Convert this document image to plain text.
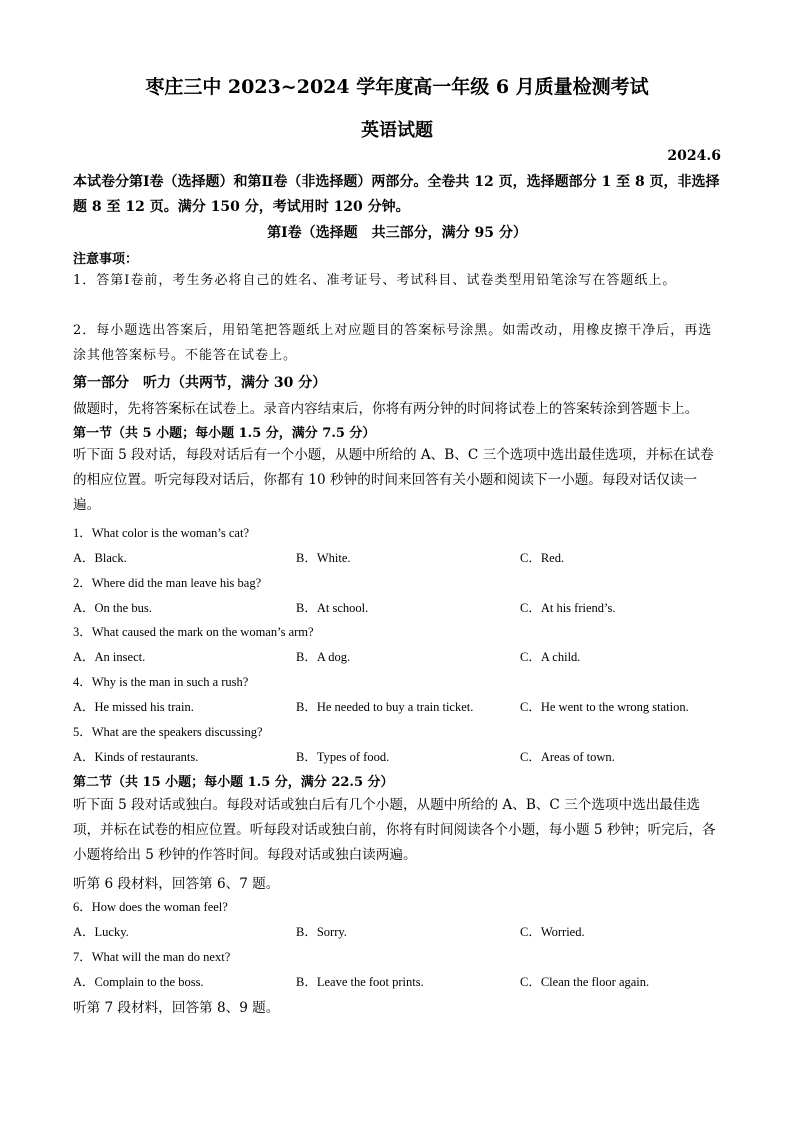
枣庄三中 2023~2024 学年度高一年级 6 月质量检测考试
英语试题
2024.6
本试卷分第Ⅰ卷（选择题）和第Ⅱ卷（非选择题）两部分。全卷共 12 页，选择题部分 1 至 8 页，非选择题 8 至 12 页。满分 150 分，考试用时 120 分钟。
第Ⅰ卷（选择题　共三部分，满分 95 分）
注意事项：
1．答第Ⅰ卷前，考生务必将自己的姓名、准考证号、考试科目、试卷类型用铅笔涂写在答题纸上。
2．每小题选出答案后，用铅笔把答题纸上对应题目的答案标号涂黑。如需改动，用橡皮擦干净后，再选涂其他答案标号。不能答在试卷上。
第一部分　听力（共两节，满分 30 分）
做题时，先将答案标在试卷上。录音内容结束后，你将有两分钟的时间将试卷上的答案转涂到答题卡上。
第一节（共 5 小题；每小题 1.5 分，满分 7.5 分）
听下面 5 段对话，每段对话后有一个小题，从题中所给的 A、B、C 三个选项中选出最佳选项，并标在试卷的相应位置。听完每段对话后，你都有 10 秒钟的时间来回答有关小题和阅读下一小题。每段对话仅读一遍。
1．What color is the woman’s cat?
A．Black.	B．White.	C．Red.
2．Where did the man leave his bag?
A．On the bus.	B．At school.	C．At his friend’s.
3．What caused the mark on the woman’s arm?
A．An insect.	B．A dog.	C．A child.
4．Why is the man in such a rush?
A．He missed his train.	B．He needed to buy a train ticket.	C．He went to the wrong station.
5．What are the speakers discussing?
A．Kinds of restaurants.	B．Types of food.	C．Areas of town.
第二节（共 15 小题；每小题 1.5 分，满分 22.5 分）
听下面 5 段对话或独白。每段对话或独白后有几个小题，从题中所给的 A、B、C 三个选项中选出最佳选项，并标在试卷的相应位置。听每段对话或独白前，你将有时间阅读各个小题，每小题 5 秒钟；听完后，各小题将给出 5 秒钟的作答时间。每段对话或独白读两遍。
听第 6 段材料，回答第 6、7 题。
6．How does the woman feel?
A．Lucky.	B．Sorry.	C．Worried.
7．What will the man do next?
A．Complain to the boss.	B．Leave the foot prints.	C．Clean the floor again.
听第 7 段材料，回答第 8、9 题。
